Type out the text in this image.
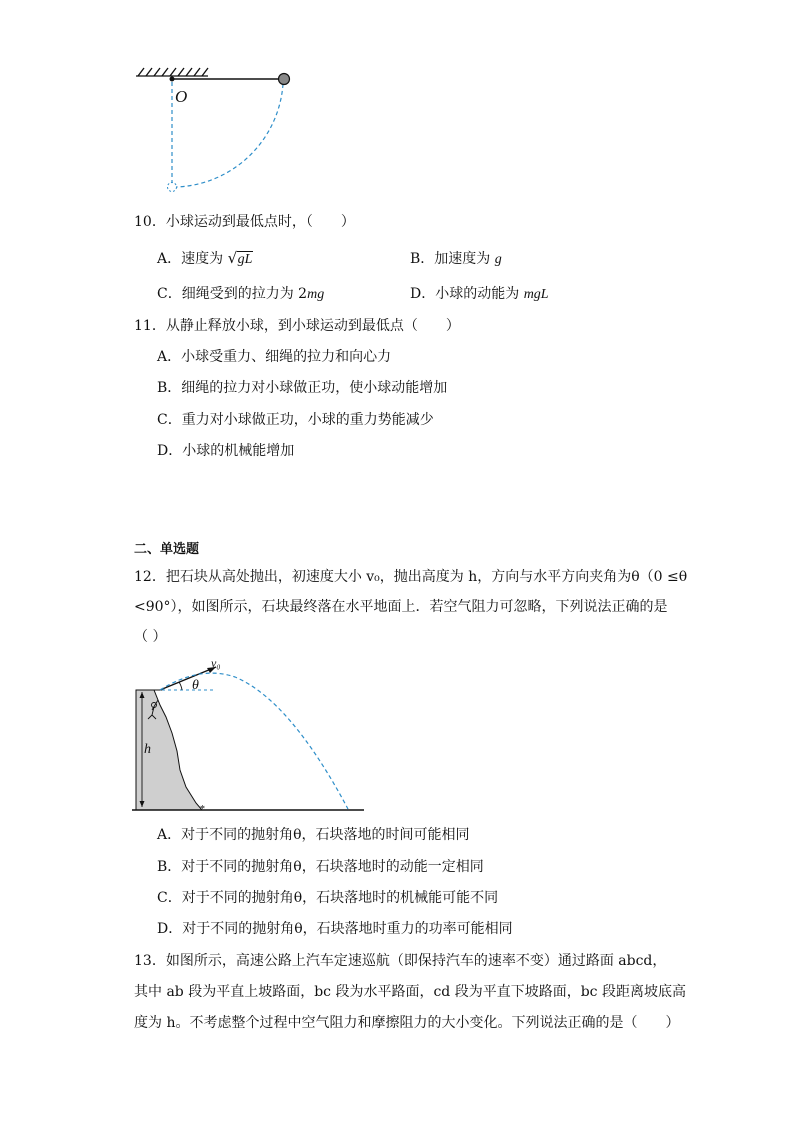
O
10．小球运动到最低点时，（　　）
A．速度为 √ gL	B．加速度为 g
C．细绳受到的拉力为 2mg	D．小球的动能为 mgL
11．从静止释放小球，到小球运动到最低点（　　）
A．小球受重力、细绳的拉力和向心力
B．细绳的拉力对小球做正功，使小球动能增加
C．重力对小球做正功，小球的重力势能减少
D．小球的机械能增加
二、单选题
12．把石块从高处抛出，初速度大小 v₀，抛出高度为 h，方向与水平方向夹角为θ（0 ≤θ
<90°），如图所示，石块最终落在水平地面上．若空气阻力可忽略，下列说法正确的是
（ ）
h
v₀
θ
*
A．对于不同的抛射角θ，石块落地的时间可能相同
B．对于不同的抛射角θ，石块落地时的动能一定相同
C．对于不同的抛射角θ，石块落地时的机械能可能不同
D．对于不同的抛射角θ，石块落地时重力的功率可能相同
13．如图所示，高速公路上汽车定速巡航（即保持汽车的速率不变）通过路面 abcd，
其中 ab 段为平直上坡路面，bc 段为水平路面，cd 段为平直下坡路面，bc 段距离坡底高
度为 h。不考虑整个过程中空气阻力和摩擦阻力的大小变化。下列说法正确的是（　　）
